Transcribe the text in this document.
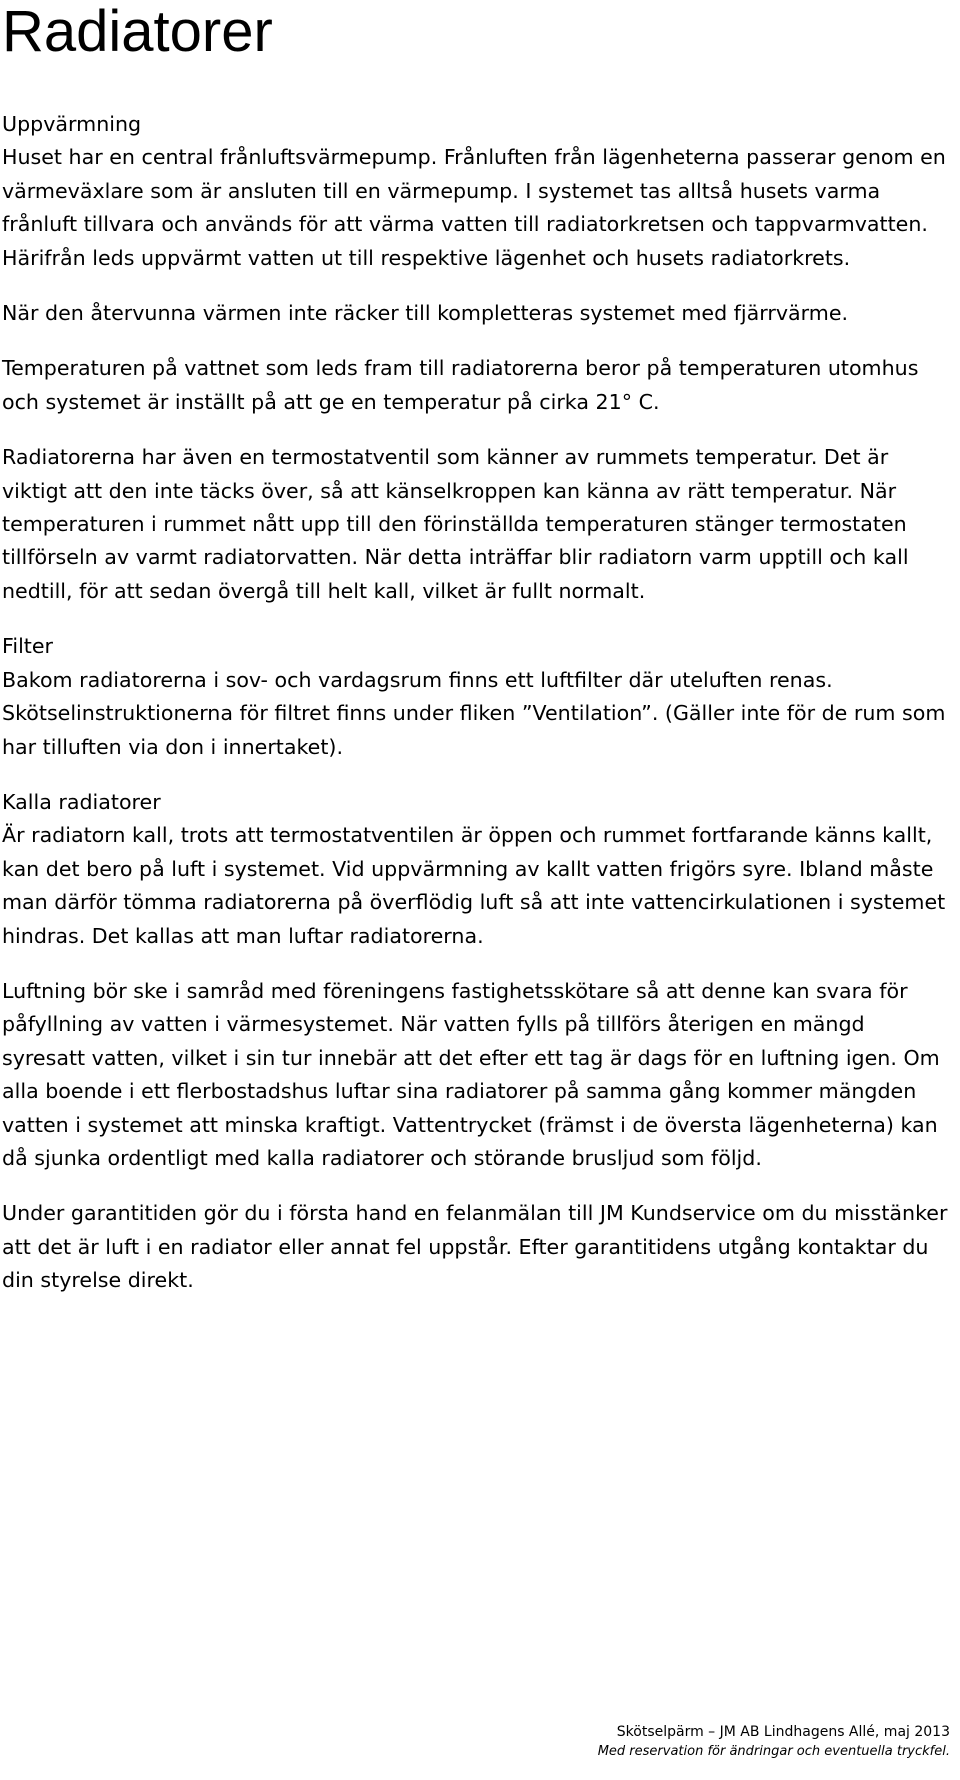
Radiatorer

Uppvärmning

Huset har en central frånluftsvärmepump. Frånluften från lägenheterna passerar genom en värmeväxlare som är ansluten till en värmepump. I systemet tas alltså husets varma frånluft tillvara och används för att värma vatten till radiatorkretsen och tappvarmvatten. Härifrån leds uppvärmt vatten ut till respektive lägenhet och husets radiatorkrets.

När den återvunna värmen inte räcker till kompletteras systemet med fjärrvärme.

Temperaturen på vattnet som leds fram till radiatorerna beror på temperaturen utomhus och systemet är inställt på att ge en temperatur på cirka 21° C.

Radiatorerna har även en termostatventil som känner av rummets temperatur. Det är viktigt att den inte täcks över, så att känselkroppen kan känna av rätt temperatur. När temperaturen i rummet nått upp till den förinställda temperaturen stänger termostaten tillförseln av varmt radiatorvatten. När detta inträffar blir radiatorn varm upptill och kall nedtill, för att sedan övergå till helt kall, vilket är fullt normalt.

Filter

Bakom radiatorerna i sov- och vardagsrum finns ett luftfilter där uteluften renas. Skötselinstruktionerna för filtret finns under fliken ”Ventilation”. (Gäller inte för de rum som har tilluften via don i innertaket).

Kalla radiatorer

Är radiatorn kall, trots att termostatventilen är öppen och rummet fortfarande känns kallt, kan det bero på luft i systemet. Vid uppvärmning av kallt vatten frigörs syre. Ibland måste man därför tömma radiatorerna på överflödig luft så att inte vattencirkulationen i systemet hindras. Det kallas att man luftar radiatorerna.

Luftning bör ske i samråd med föreningens fastighetsskötare så att denne kan svara för påfyllning av vatten i värmesystemet. När vatten fylls på tillförs återigen en mängd syresatt vatten, vilket i sin tur innebär att det efter ett tag är dags för en luftning igen. Om alla boende i ett flerbostadshus luftar sina radiatorer på samma gång kommer mängden vatten i systemet att minska kraftigt. Vattentrycket (främst i de översta lägenheterna) kan då sjunka ordentligt med kalla radiatorer och störande brusljud som följd.

Under garantitiden gör du i första hand en felanmälan till JM Kundservice om du misstänker att det är luft i en radiator eller annat fel uppstår. Efter garantitidens utgång kontaktar du din styrelse direkt.

Skötselpärm – JM AB Lindhagens Allé, maj 2013
Med reservation för ändringar och eventuella tryckfel.
